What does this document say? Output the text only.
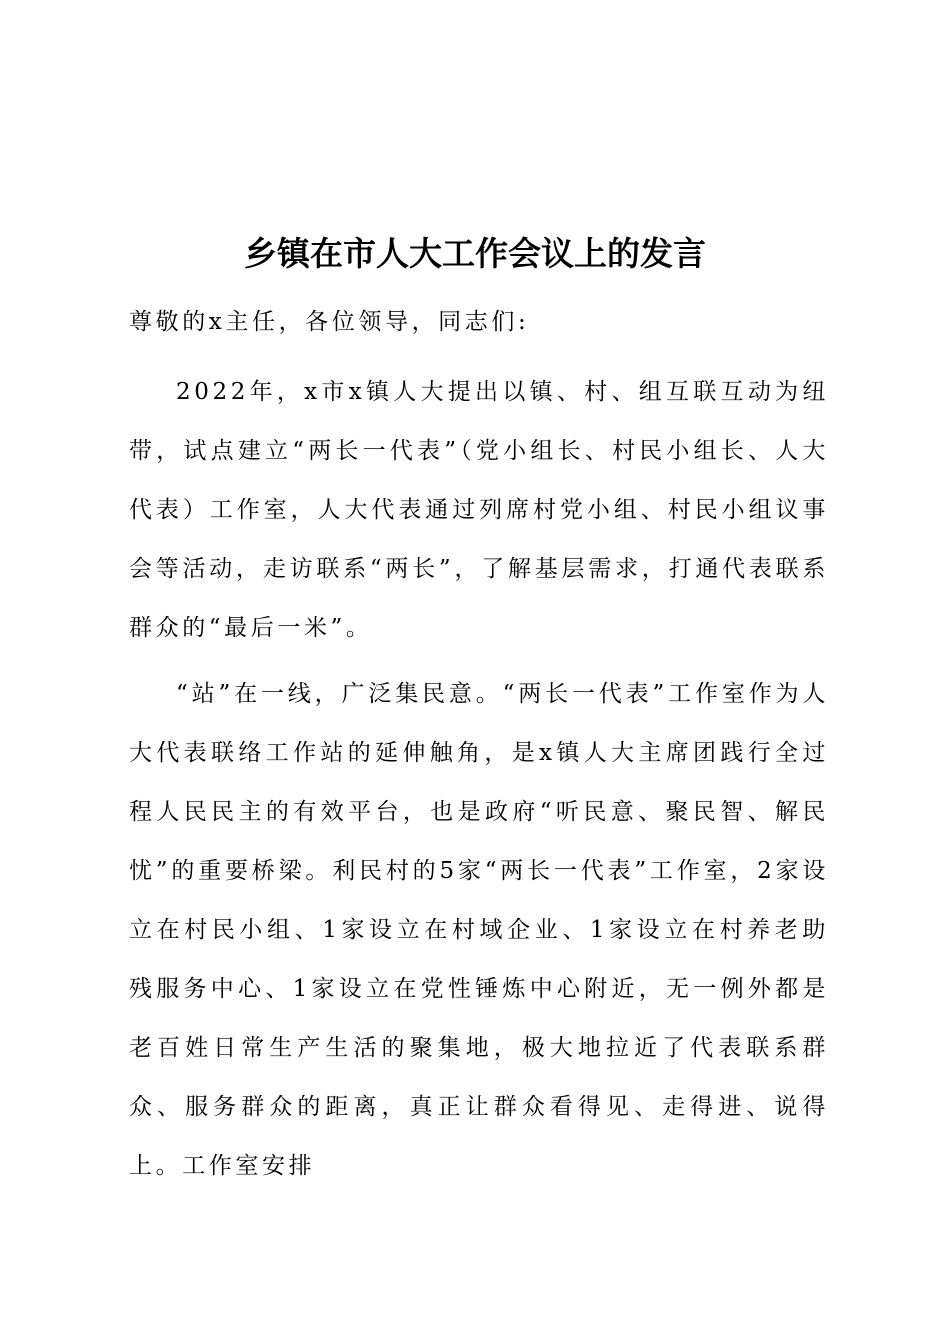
乡镇在市人大工作会议上的发言

尊敬的x主任，各位领导，同志们:

2022年，x市x镇人大提出以镇、村、组互联互动为纽带，试点建立“两长一代表”（党小组长、村民小组长、人大代表）工作室，人大代表通过列席村党小组、村民小组议事会等活动，走访联系“两长”，了解基层需求，打通代表联系群众的“最后一米”。

“站”在一线，广泛集民意。“两长一代表”工作室作为人大代表联络工作站的延伸触角，是x镇人大主席团践行全过程人民民主的有效平台，也是政府“听民意、聚民智、解民忧”的重要桥梁。利民村的5家“两长一代表”工作室，2家设立在村民小组、1家设立在村域企业、1家设立在村养老助残服务中心、1家设立在党性锤炼中心附近，无一例外都是老百姓日常生产生活的聚集地，极大地拉近了代表联系群众、服务群众的距离，真正让群众看得见、走得进、说得上。工作室安排
